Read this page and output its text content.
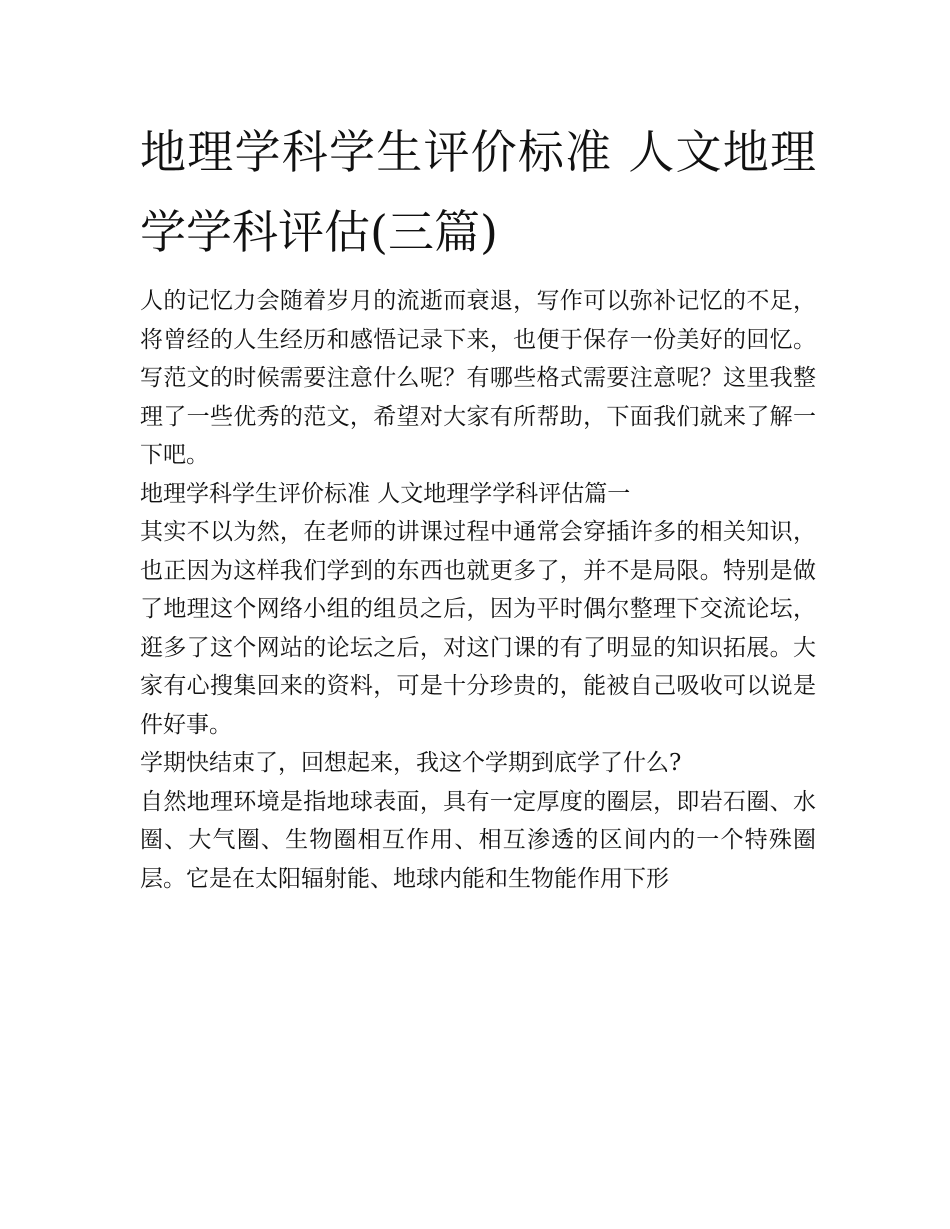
地理学科学生评价标准 人文地理学学科评估(三篇)

人的记忆力会随着岁月的流逝而衰退，写作可以弥补记忆的不足，将曾经的人生经历和感悟记录下来，也便于保存一份美好的回忆。写范文的时候需要注意什么呢？有哪些格式需要注意呢？这里我整理了一些优秀的范文，希望对大家有所帮助，下面我们就来了解一下吧。

地理学科学生评价标准 人文地理学学科评估篇一

其实不以为然，在老师的讲课过程中通常会穿插许多的相关知识，也正因为这样我们学到的东西也就更多了，并不是局限。特别是做了地理这个网络小组的组员之后，因为平时偶尔整理下交流论坛，逛多了这个网站的论坛之后，对这门课的有了明显的知识拓展。大家有心搜集回来的资料，可是十分珍贵的，能被自己吸收可以说是件好事。

学期快结束了，回想起来，我这个学期到底学了什么?

自然地理环境是指地球表面，具有一定厚度的圈层，即岩石圈、水圈、大气圈、生物圈相互作用、相互渗透的区间内的一个特殊圈层。它是在太阳辐射能、地球内能和生物能作用下形
